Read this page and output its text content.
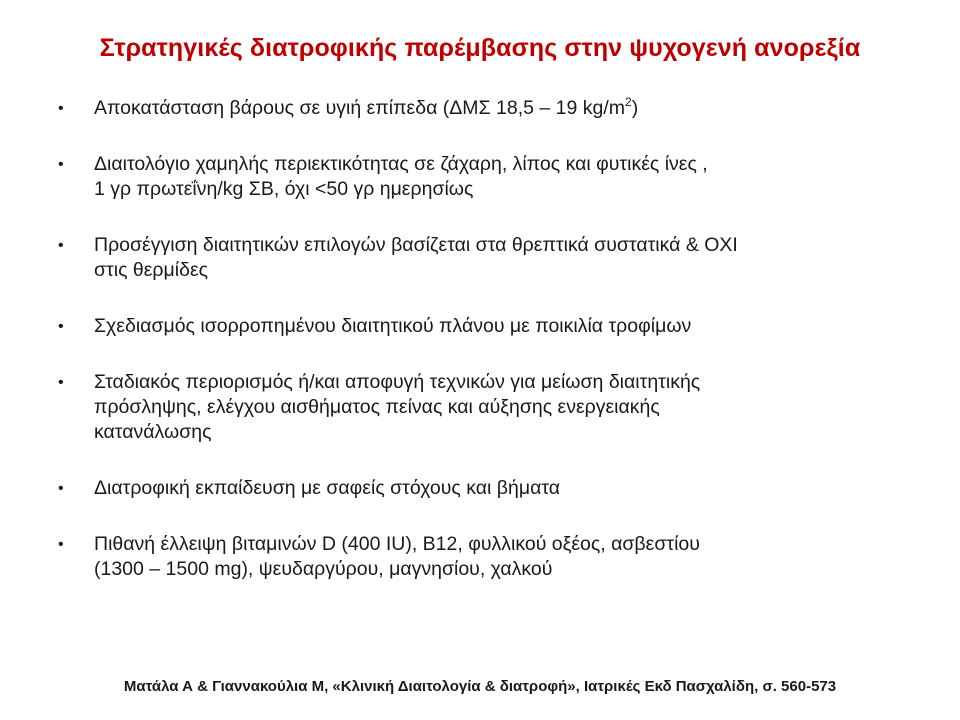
Στρατηγικές διατροφικής παρέμβασης στην ψυχογενή ανορεξία
• Αποκατάσταση βάρους σε υγιή επίπεδα (ΔΜΣ 18,5 – 19 $kg/m^2$)
• Διαιτολόγιο χαμηλής περιεκτικότητας σε ζάχαρη, λίπος και φυτικές ίνες ,
1 γρ πρωτεΐνη/kg ΣΒ, όχι <50 γρ ημερησίως
• Προσέγγιση διαιτητικών επιλογών βασίζεται στα θρεπτικά συστατικά & ΟΧΙ
στις θερμίδες
• Σχεδιασμός ισορροπημένου διαιτητικού πλάνου με ποικιλία τροφίμων
• Σταδιακός περιορισμός ή/και αποφυγή τεχνικών για μείωση διαιτητικής
πρόσληψης, ελέγχου αισθήματος πείνας και αύξησης ενεργειακής
κατανάλωσης
• Διατροφική εκπαίδευση με σαφείς στόχους και βήματα
• Πιθανή έλλειψη βιταμινών D (400 IU), B12, φυλλικού οξέος, ασβεστίου
(1300 – 1500 mg), ψευδαργύρου, μαγνησίου, χαλκού
Ματάλα Α & Γιαννακούλια Μ, «Κλινική Διαιτολογία & διατροφή», Ιατρικές Εκδ Πασχαλίδη, σ. 560-573
